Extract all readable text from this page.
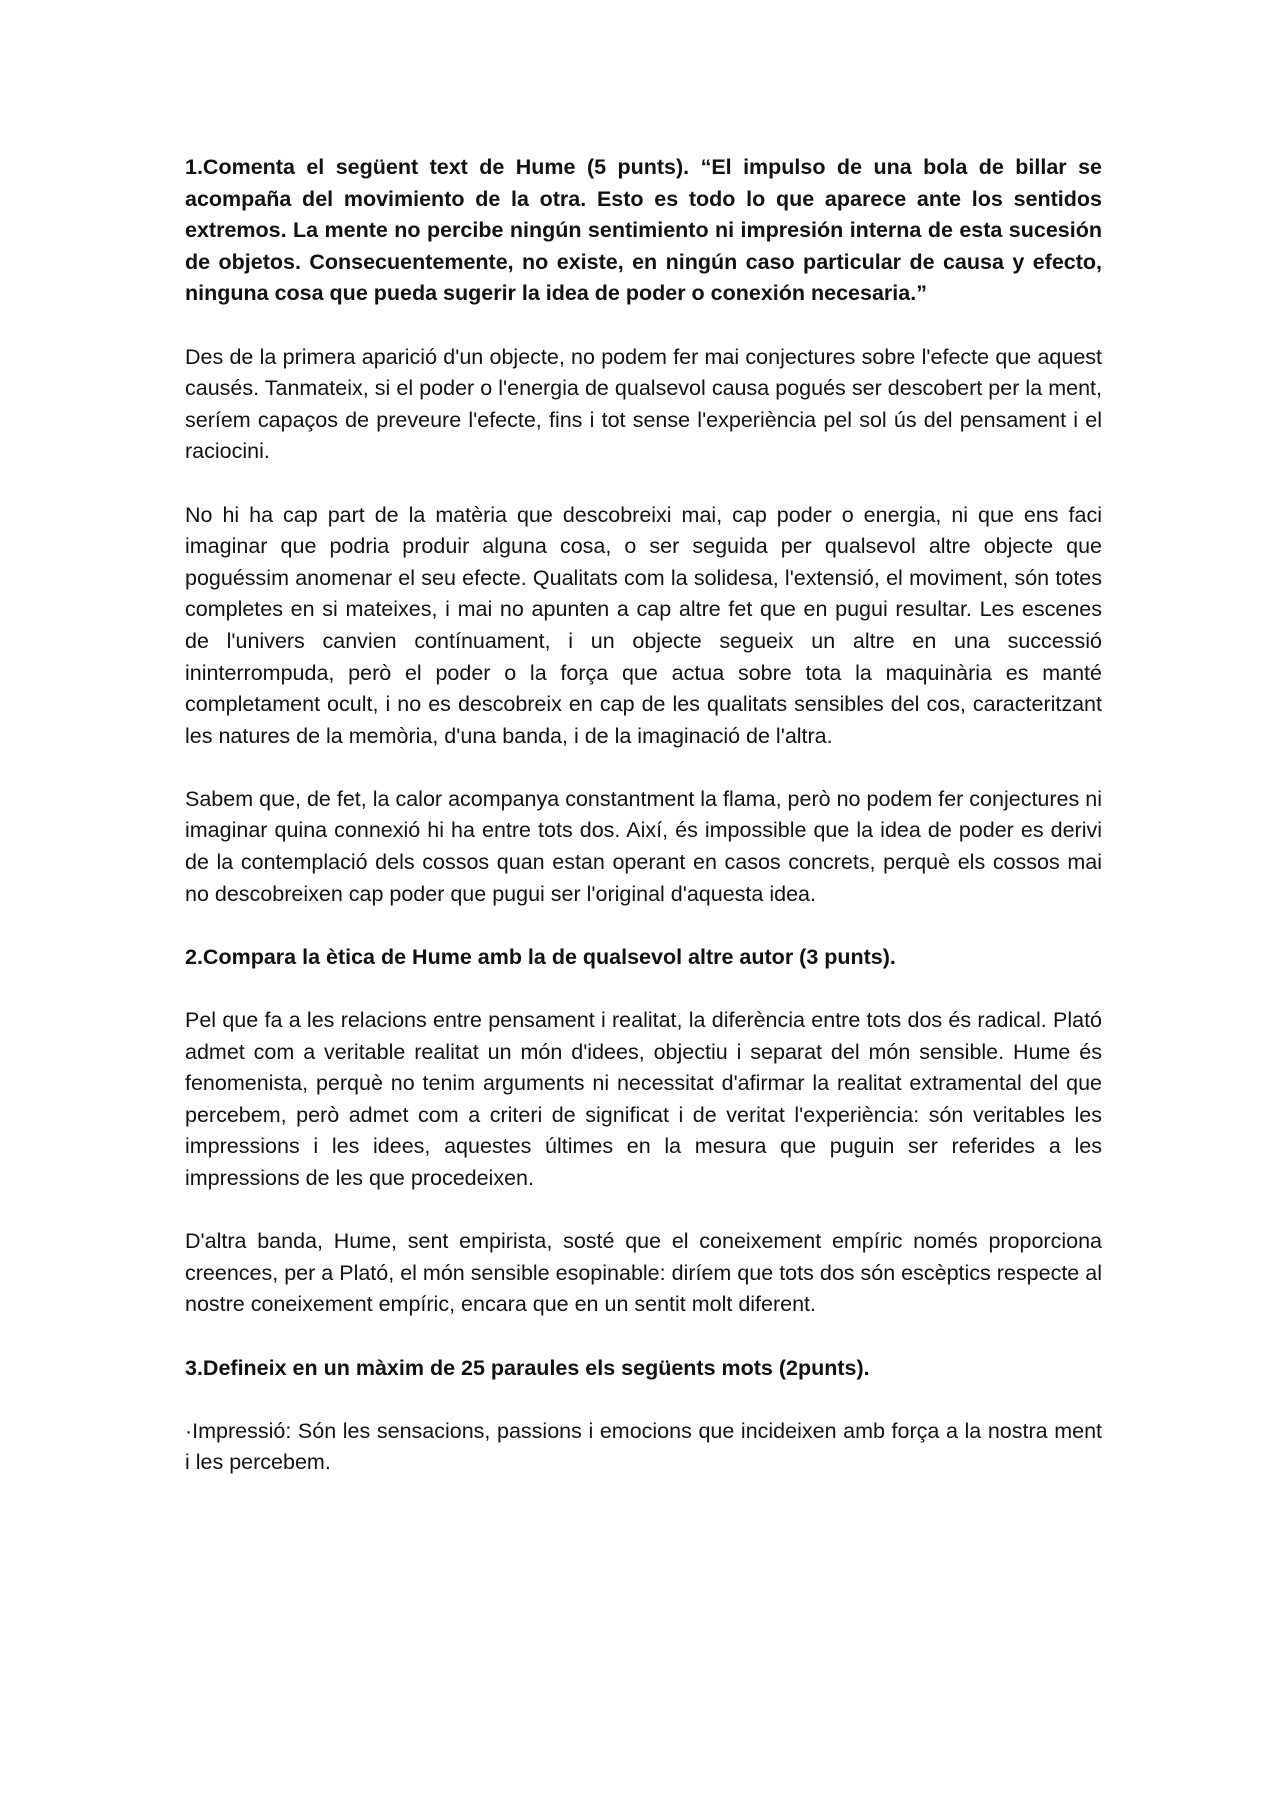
1.Comenta el següent text de Hume (5 punts). “El impulso de una bola de billar se acompaña del movimiento de la otra. Esto es todo lo que aparece ante los sentidos extremos. La mente no percibe ningún sentimiento ni impresión interna de esta sucesión de objetos. Consecuentemente, no existe, en ningún caso particular de causa y efecto, ninguna cosa que pueda sugerir la idea de poder o conexión necesaria.”

Des de la primera aparició d'un objecte, no podem fer mai conjectures sobre l'efecte que aquest causés. Tanmateix, si el poder o l'energia de qualsevol causa pogués ser descobert per la ment, seríem capaços de preveure l'efecte, fins i tot sense l'experiència pel sol ús del pensament i el raciocini.

No hi ha cap part de la matèria que descobreixi mai, cap poder o energia, ni que ens faci imaginar que podria produir alguna cosa, o ser seguida per qualsevol altre objecte que poguéssim anomenar el seu efecte. Qualitats com la solidesa, l'extensió, el moviment, són totes completes en si mateixes, i mai no apunten a cap altre fet que en pugui resultar. Les escenes de l'univers canvien contínuament, i un objecte segueix un altre en una successió ininterrompuda, però el poder o la força que actua sobre tota la maquinària es manté completament ocult, i no es descobreix en cap de les qualitats sensibles del cos, caracteritzant les natures de la memòria, d'una banda, i de la imaginació de l'altra.

Sabem que, de fet, la calor acompanya constantment la flama, però no podem fer conjectures ni imaginar quina connexió hi ha entre tots dos. Així, és impossible que la idea de poder es derivi de la contemplació dels cossos quan estan operant en casos concrets, perquè els cossos mai no descobreixen cap poder que pugui ser l'original d'aquesta idea.

2.Compara la ètica de Hume amb la de qualsevol altre autor (3 punts).

Pel que fa a les relacions entre pensament i realitat, la diferència entre tots dos és radical. Plató admet com a veritable realitat un món d'idees, objectiu i separat del món sensible. Hume és fenomenista, perquè no tenim arguments ni necessitat d'afirmar la realitat extramental del que percebem, però admet com a criteri de significat i de veritat l'experiència: són veritables les impressions i les idees, aquestes últimes en la mesura que puguin ser referides a les impressions de les que procedeixen.

D'altra banda, Hume, sent empirista, sosté que el coneixement empíric només proporciona creences, per a Plató, el món sensible esopinable: diríem que tots dos són escèptics respecte al nostre coneixement empíric, encara que en un sentit molt diferent.

3.Defineix en un màxim de 25 paraules els següents mots (2punts).

·Impressió: Són les sensacions, passions i emocions que incideixen amb força a la nostra ment i les percebem.
